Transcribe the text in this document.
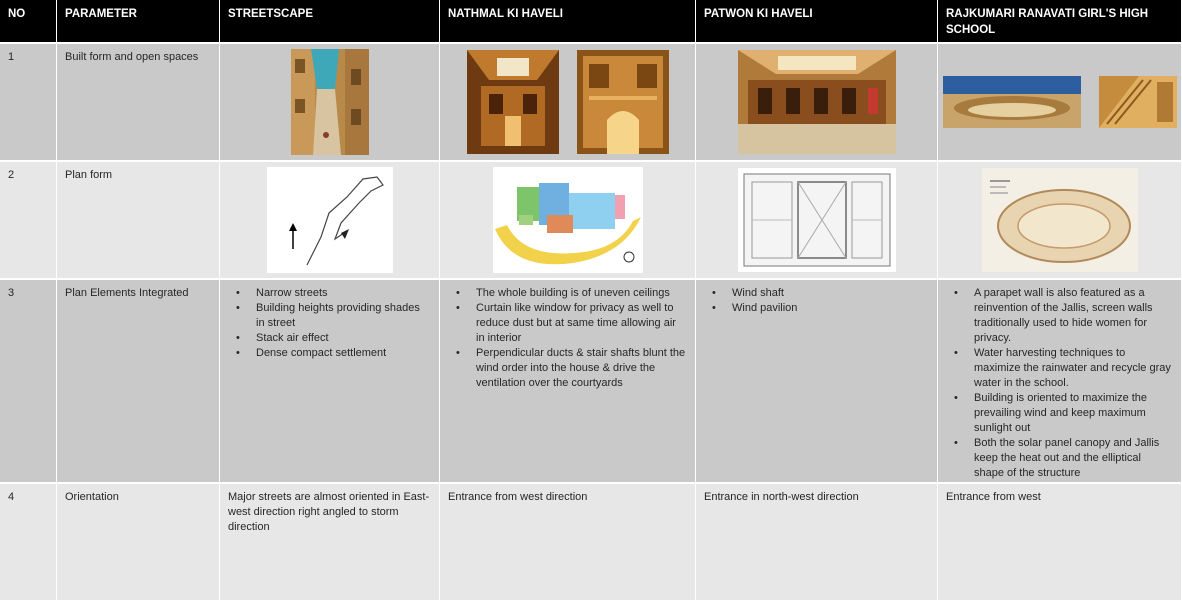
NO	PARAMETER	STREETSCAPE	NATHMAL KI HAVELI	PATWON KI HAVELI	RAJKUMARI RANAVATI GIRL'S HIGH SCHOOL
1	Built form and open spaces
2	Plan form
3	Plan Elements Integrated
•	Narrow streets
• Building heights providing shades in street
• Stack air effect
• Dense compact settlement
• The whole building is of uneven ceilings
• Curtain like window for privacy as well to reduce dust but at same time allowing air in interior
• Perpendicular ducts & stair shafts blunt the wind order into the house & drive the ventilation over the courtyards
• Wind shaft
• Wind pavilion
• A parapet wall is also featured as a reinvention of the Jallis, screen walls traditionally used to hide women for privacy.
• Water harvesting techniques to maximize the rainwater and recycle gray water in the school.
• Building is oriented to maximize the prevailing wind and keep maximum sunlight out
• Both the solar panel canopy and Jallis keep the heat out and the elliptical shape of the structure
4	Orientation	Major streets are almost oriented in East-west direction right angled to storm direction
Entrance from west direction	Entrance in north-west direction	Entrance from west
